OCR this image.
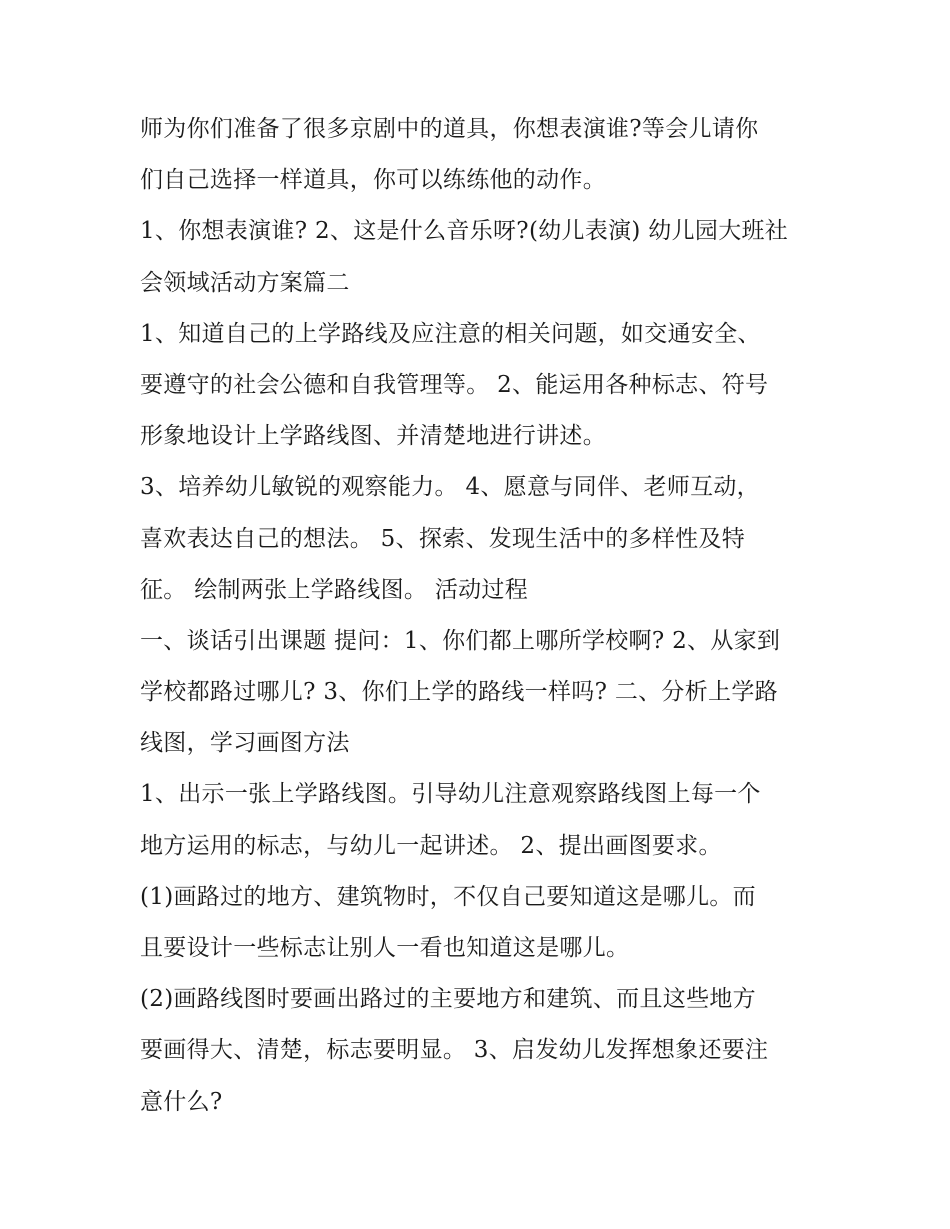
师为你们准备了很多京剧中的道具，你想表演谁?等会儿请你
们自己选择一样道具，你可以练练他的动作。
1、你想表演谁? 2、这是什么音乐呀?(幼儿表演) 幼儿园大班社
会领域活动方案篇二
1、知道自己的上学路线及应注意的相关问题，如交通安全、
要遵守的社会公德和自我管理等。 2、能运用各种标志、符号
形象地设计上学路线图、并清楚地进行讲述。
3、培养幼儿敏锐的观察能力。 4、愿意与同伴、老师互动，
喜欢表达自己的想法。 5、探索、发现生活中的多样性及特
征。 绘制两张上学路线图。 活动过程
一、谈话引出课题 提问：1、你们都上哪所学校啊? 2、从家到
学校都路过哪儿? 3、你们上学的路线一样吗? 二、分析上学路
线图，学习画图方法
1、出示一张上学路线图。引导幼儿注意观察路线图上每一个
地方运用的标志，与幼儿一起讲述。 2、提出画图要求。
(1)画路过的地方、建筑物时，不仅自己要知道这是哪儿。而
且要设计一些标志让别人一看也知道这是哪儿。
(2)画路线图时要画出路过的主要地方和建筑、而且这些地方
要画得大、清楚，标志要明显。 3、启发幼儿发挥想象还要注
意什么?
